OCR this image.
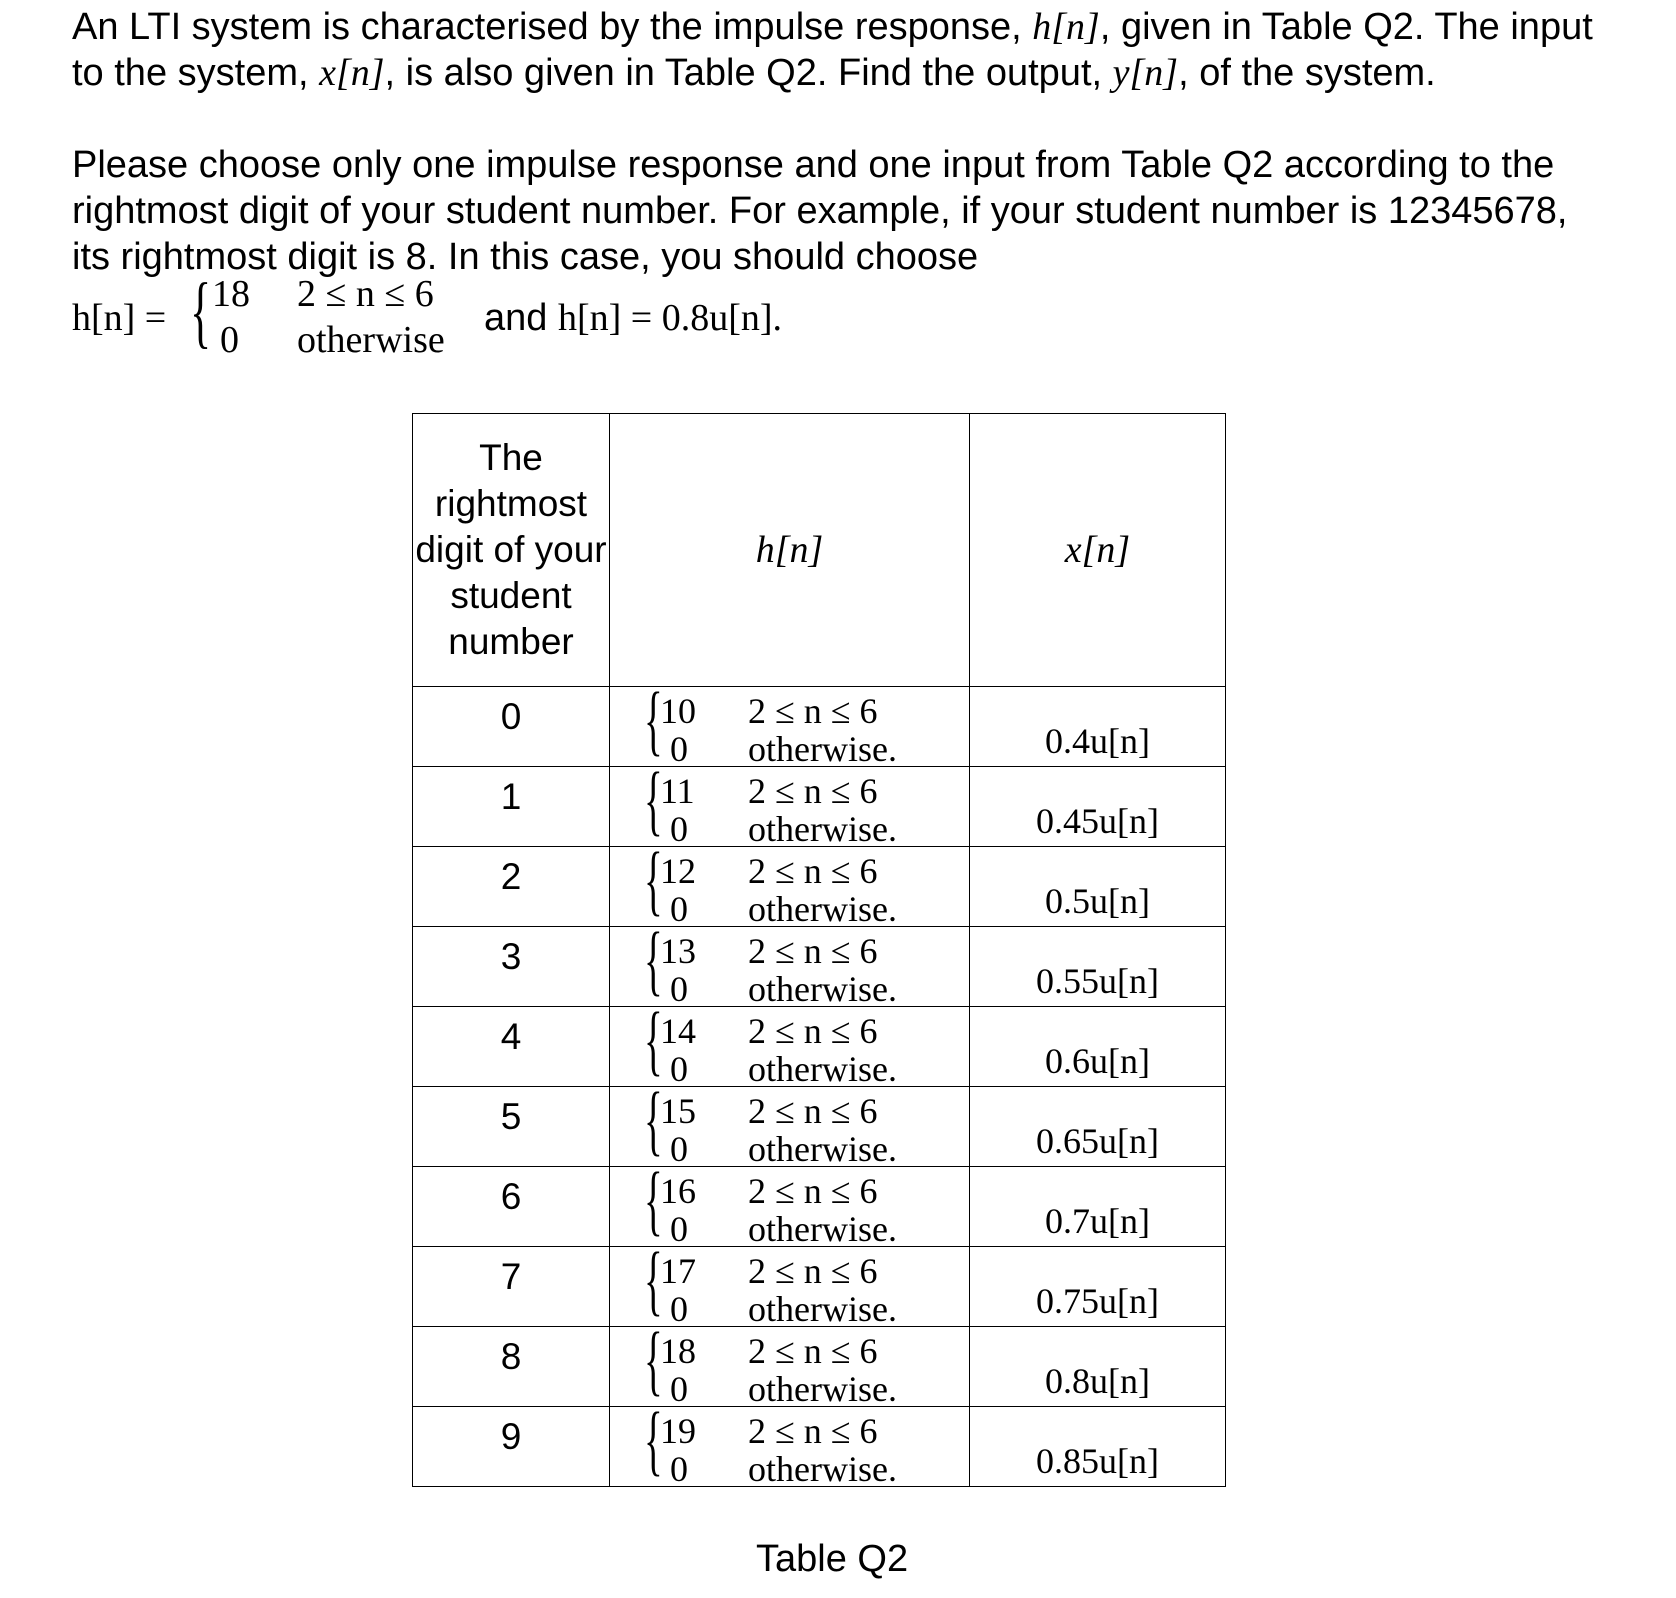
An LTI system is characterised by the impulse response, h[n], given in Table Q2. The input to the system, x[n], is also given in Table Q2. Find the output, y[n], of the system.
Please choose only one impulse response and one input from Table Q2 according to the rightmost digit of your student number. For example, if your student number is 12345678, its rightmost digit is 8. In this case, you should choose
h[n] = { 18 2 ≤ n ≤ 6
0 otherwise
and h[n] = 0.8u[n].
The rightmost digit of your student number	h[n]	x[n]
0	{
10 2 ≤ n ≤ 6
0 otherwise.	0.4u[n]
1	{
11 2 ≤ n ≤ 6
0 otherwise.	0.45u[n]
2	{
12 2 ≤ n ≤ 6
0 otherwise.	0.5u[n]
3	{
13 2 ≤ n ≤ 6
0 otherwise.	0.55u[n]
4	{
14 2 ≤ n ≤ 6
0 otherwise.	0.6u[n]
5	{
15 2 ≤ n ≤ 6
0 otherwise.	0.65u[n]
6	{
16 2 ≤ n ≤ 6
0 otherwise.	0.7u[n]
7	{
17 2 ≤ n ≤ 6
0 otherwise.	0.75u[n]
8	{
18 2 ≤ n ≤ 6
0 otherwise.	0.8u[n]
9	{
19 2 ≤ n ≤ 6
0 otherwise.	0.85u[n]
Table Q2
